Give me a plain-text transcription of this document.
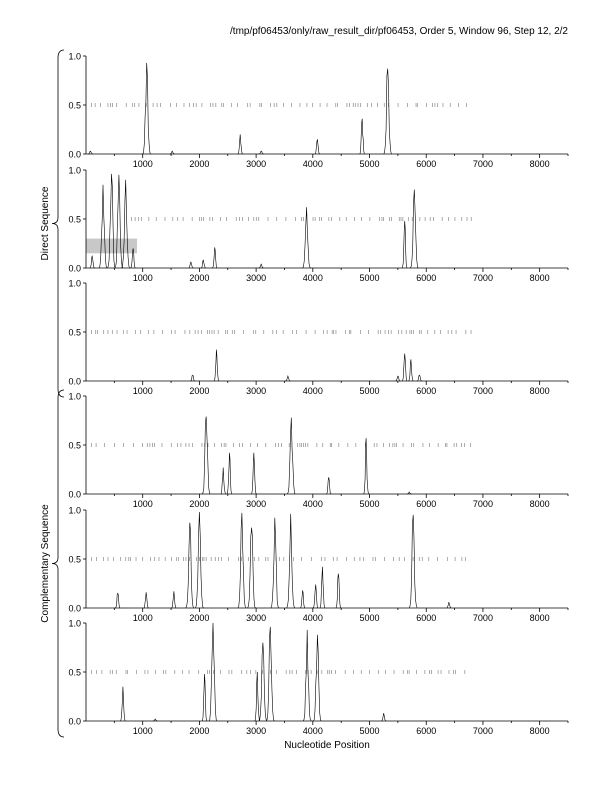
/tmp/pf06453/only/raw_result_dir/pf06453, Order 5, Window 96, Step 12, 2/2
0.0
0.5
1.0
1000	2000	3000	4000	5000	6000	7000	8000
0.0
0.5
1.0
1000	2000	3000	4000	5000	6000	7000	8000
0.0
0.5
1.0
1000	2000	3000	4000	5000	6000	7000	8000
0.0
0.5
1.0
1000	2000	3000	4000	5000	6000	7000	8000
0.0
0.5
1.0
1000	2000	3000	4000	5000	6000	7000	8000
0.0
0.5
1.0
1000	2000	3000	4000	5000	6000	7000	8000
Direct Sequence
Complementary Sequence
Nucleotide Position
